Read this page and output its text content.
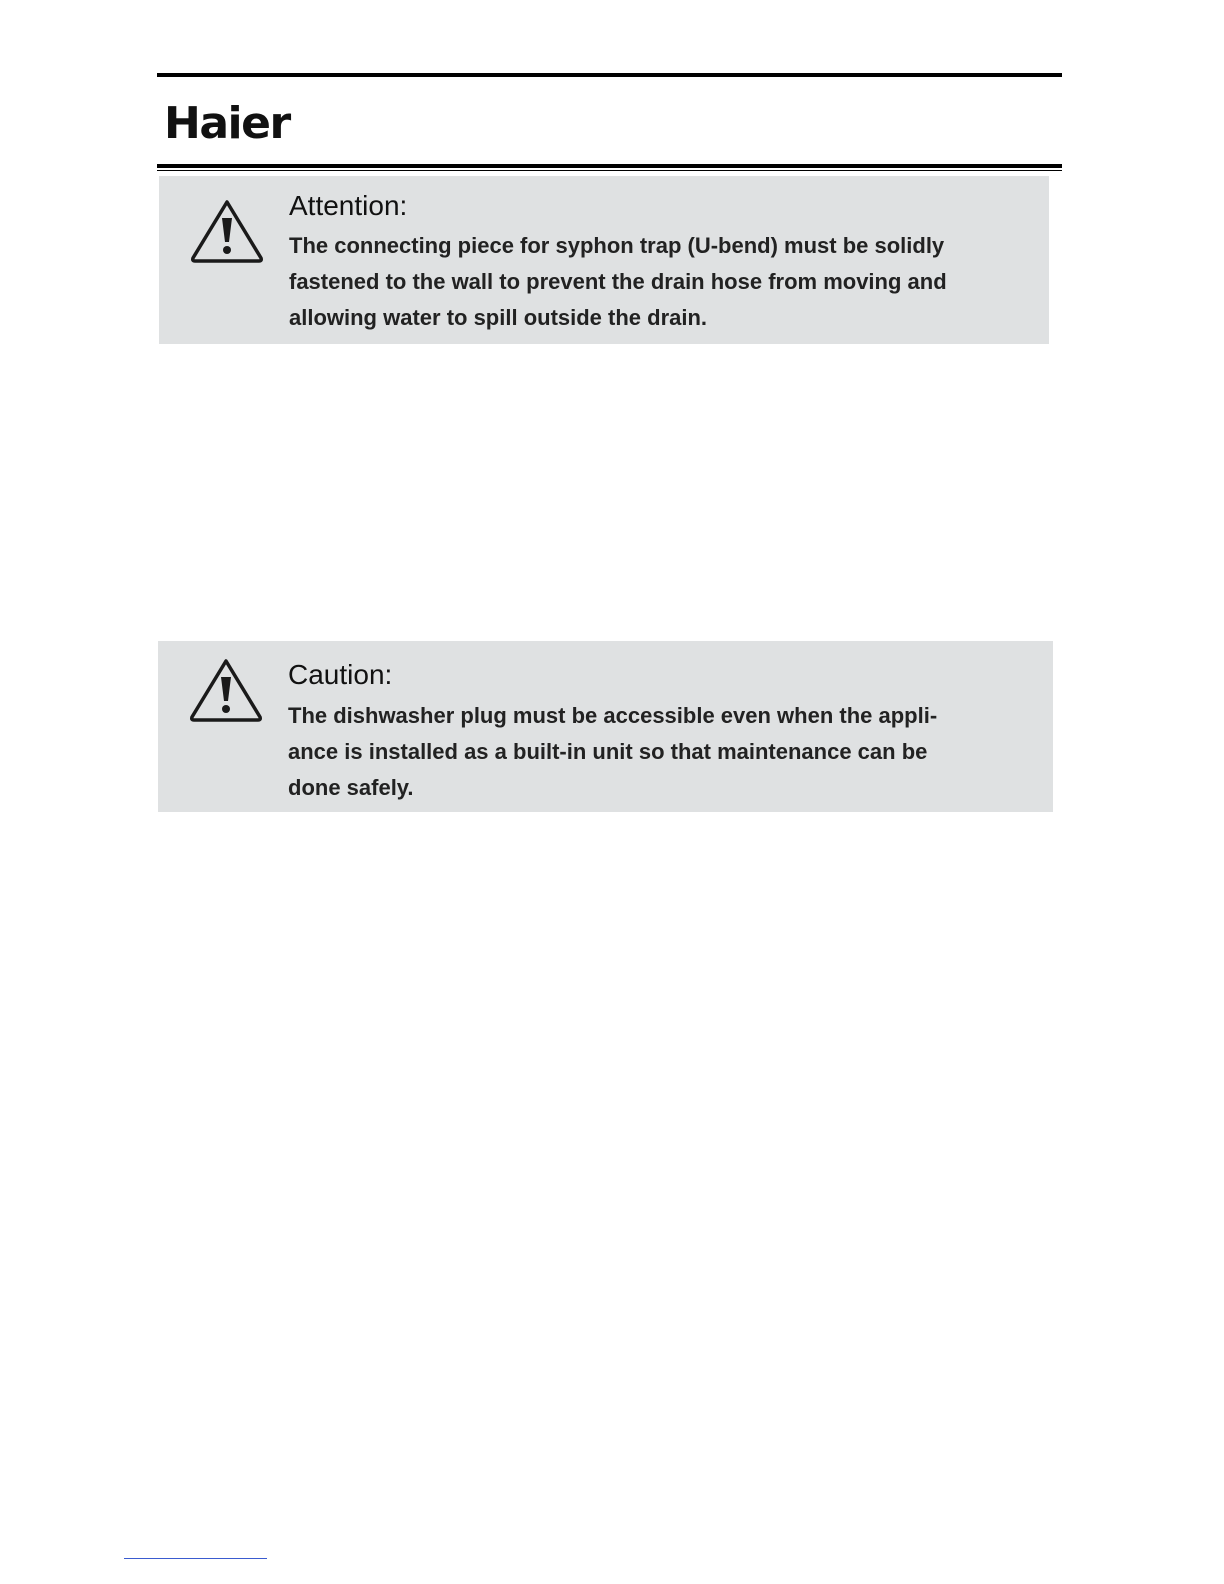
Haier
Attention:
The connecting piece for syphon trap (U-bend) must be solidly
fastened to the wall to prevent the drain hose from moving and
allowing water to spill outside the drain.
Caution:
The dishwasher plug must be accessible even when the appli-
ance is installed as a built-in unit so that maintenance can be
done safely.
